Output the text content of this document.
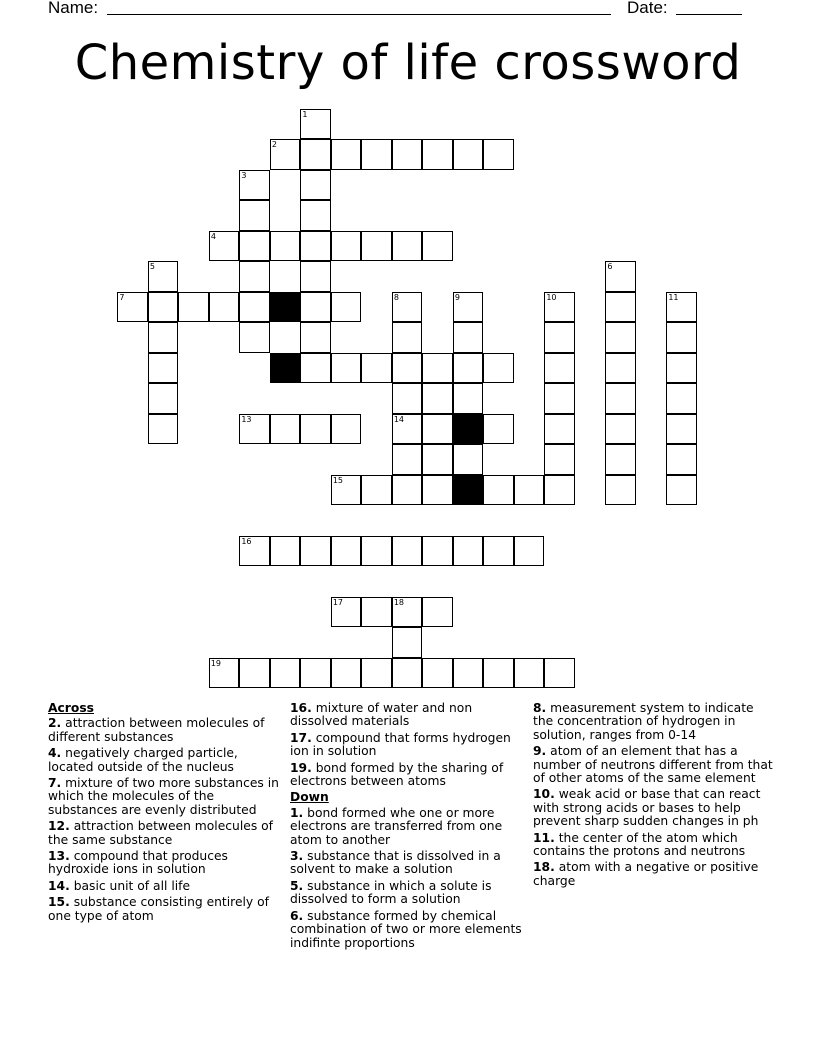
Name:	Date:
Chemistry of life crossword
2
4
7
12
13	14
15
16
17	18
19
1
3
5	6
8	9	10	11
Across
2. attraction between molecules of different substances
4. negatively charged particle, located outside of the nucleus
7. mixture of two more substances in which the molecules of the substances are evenly distributed
12. attraction between molecules of the same substance
13. compound that produces hydroxide ions in solution
14. basic unit of all life
15. substance consisting entirely of one type of atom
16. mixture of water and non dissolved materials
17. compound that forms hydrogen ion in solution
19. bond formed by the sharing of electrons between atoms
Down
1. bond formed whe one or more electrons are transferred from one atom to another
3. substance that is dissolved in a solvent to make a solution
5. substance in which a solute is dissolved to form a solution
6. substance formed by chemical combination of two or more elements indifinte proportions
8. measurement system to indicate the concentration of hydrogen in solution, ranges from 0-14
9. atom of an element that has a number of neutrons different from that of other atoms of the same element
10. weak acid or base that can react with strong acids or bases to help prevent sharp sudden changes in ph
11. the center of the atom which contains the protons and neutrons
18. atom with a negative or positive charge
